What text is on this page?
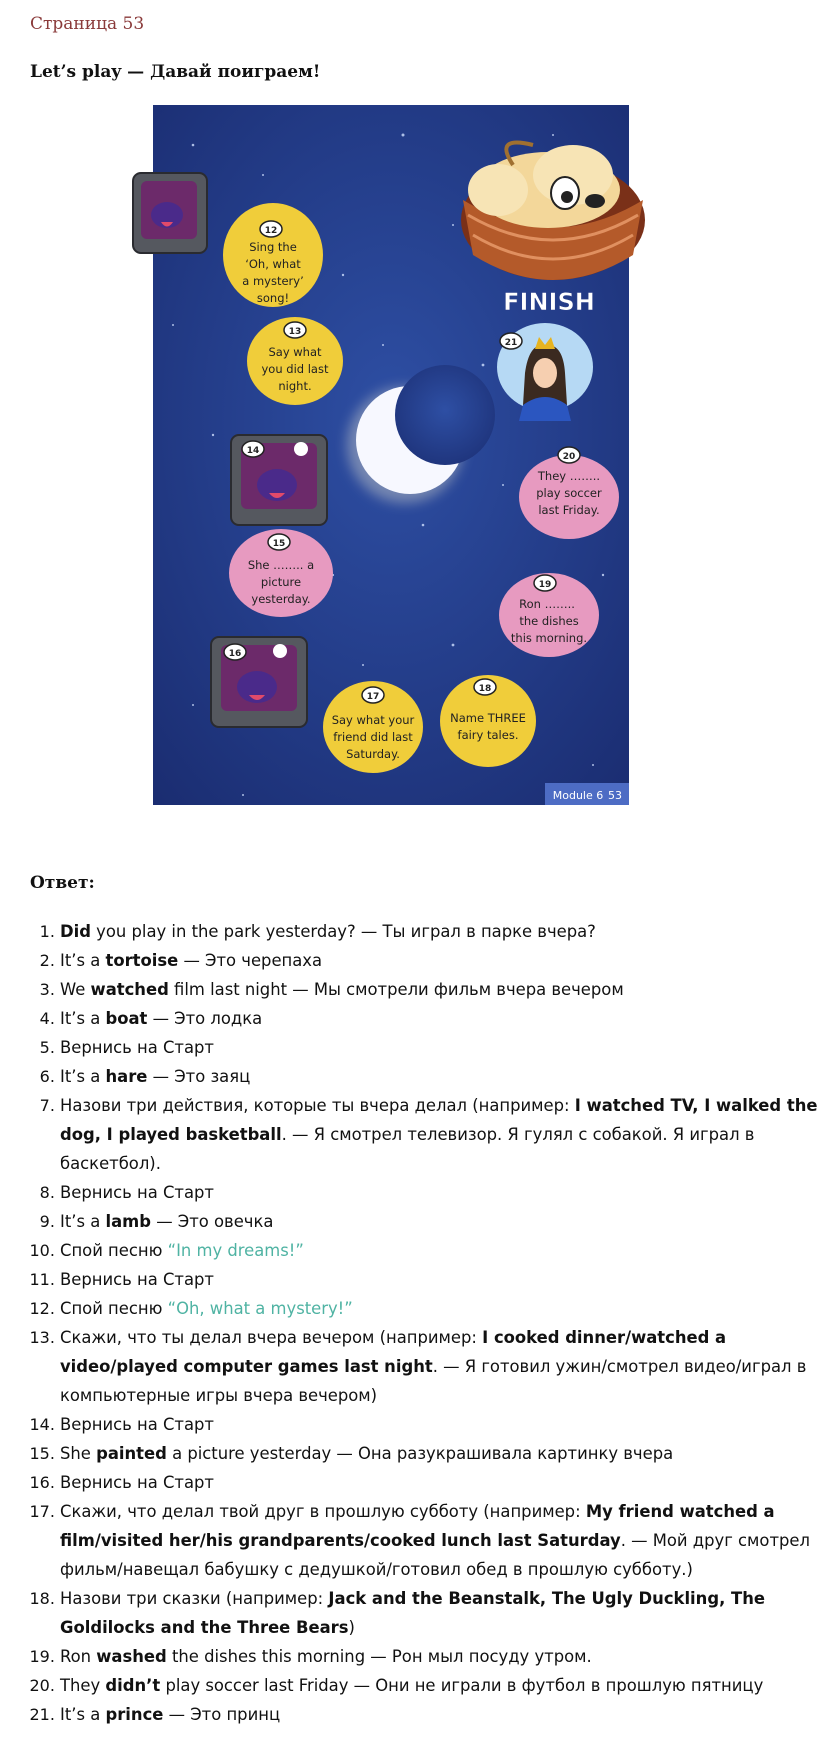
Страница 53
Let’s play — Давай поиграем!
FINISH
21
20
They ……..
play soccer
last Friday.
19
Ron ……..
the dishes
this morning.
18
Name THREE
fairy tales.
17
Say what your
friend did last
Saturday.
16
15
She …….. a
picture
yesterday.
14
13
Say what
you did last
night.
12
Sing the
‘Oh, what
a mystery’
song!
Module 6 53
Ответ:
1. Did you play in the park yesterday? — Ты играл в парке вчера?
2. It’s a tortoise — Это черепаха
3. We watched film last night — Мы смотрели фильм вчера вечером
4. It’s a boat — Это лодка
5. Вернись на Старт
6. It’s a hare — Это заяц
7. Назови три действия, которые ты вчера делал (например: I watched TV, I walked the dog, I played basketball. — Я смотрел телевизор. Я гулял с собакой. Я играл в баскетбол).
8. Вернись на Старт
9. It’s a lamb — Это овечка
10. Спой песню “In my dreams!”
11. Вернись на Старт
12. Спой песню “Oh, what a mystery!”
13. Скажи, что ты делал вчера вечером (например: I cooked dinner/watched a video/played computer games last night. — Я готовил ужин/смотрел видео/играл в компьютерные игры вчера вечером)
14. Вернись на Старт
15. She painted a picture yesterday — Она разукрашивала картинку вчера
16. Вернись на Старт
17. Скажи, что делал твой друг в прошлую субботу (например: My friend watched a film/visited her/his grandparents/cooked lunch last Saturday. — Мой друг смотрел фильм/навещал бабушку с дедушкой/готовил обед в прошлую субботу.)
18. Назови три сказки (например: Jack and the Beanstalk, The Ugly Duckling, The Goldilocks and the Three Bears)
19. Ron washed the dishes this morning — Рон мыл посуду утром.
20. They didn’t play soccer last Friday — Они не играли в футбол в прошлую пятницу
21. It’s a prince — Это принц
